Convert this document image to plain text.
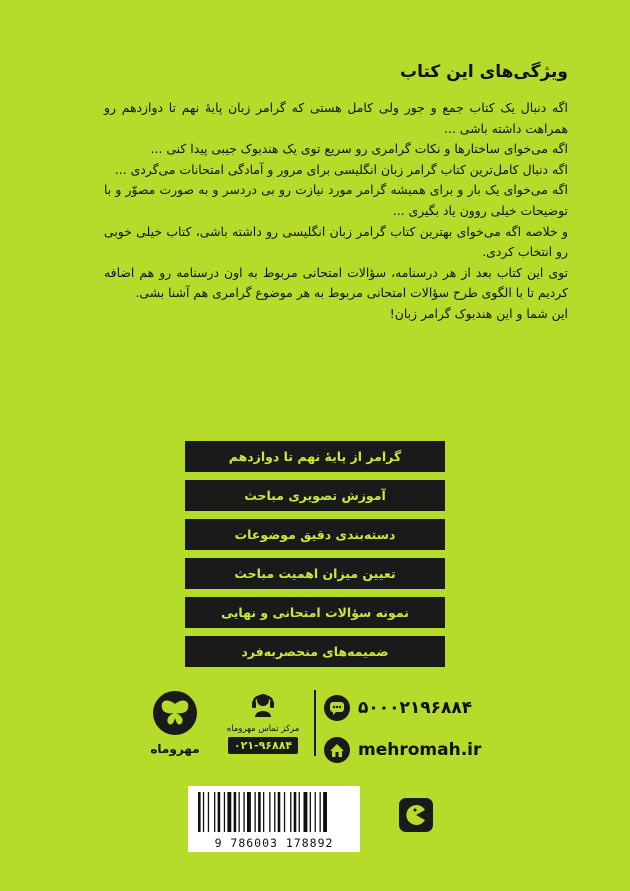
ویژگی‌های این کتاب

اگه دنبال یک کتاب جمع و جور ولی کامل هستی که گرامر زبان پایهٔ نهم تا دوازدهم رو همراهت داشته باشی ...

اگه می‌خوای ساختارها و نکات گرامری رو سریع توی یک هندبوک جیبی پیدا کنی ...

اگه دنبال کامل‌ترین کتاب گرامر زبان انگلیسی برای مرور و آمادگی امتحانات می‌گردی ...

اگه می‌خوای یک بار و برای همیشه گرامر مورد نیازت رو بی دردسر و به صورت مصوّر و با توضیحات خیلی روون یاد بگیری ...

و خلاصه اگه می‌خوای بهترین کتاب گرامر زبان انگلیسی رو داشته باشی، کتاب خیلی خوبی رو انتخاب کردی.

توی این کتاب بعد از هر درسنامه، سؤالات امتحانی مربوط به اون درسنامه رو هم اضافه کردیم تا با الگوی طرح سؤالات امتحانی مربوط به هر موضوع گرامری هم آشنا بشی.

این شما و این هندبوک گرامر زبان!

گرامر از پایهٔ نهم تا دوازدهم
آموزش تصویری مباحث
دسته‌بندی دقیق موضوعات
تعیین میزان اهمیت مباحث
نمونه سؤالات امتحانی و نهایی
ضمیمه‌های منحصربه‌فرد
مهروماه
مرکز تماس مهروماه
۰۲۱-۹۶۸۸۴
۵۰۰۰۲۱۹۶۸۸۴
mehromah.ir
9 786003 178892
